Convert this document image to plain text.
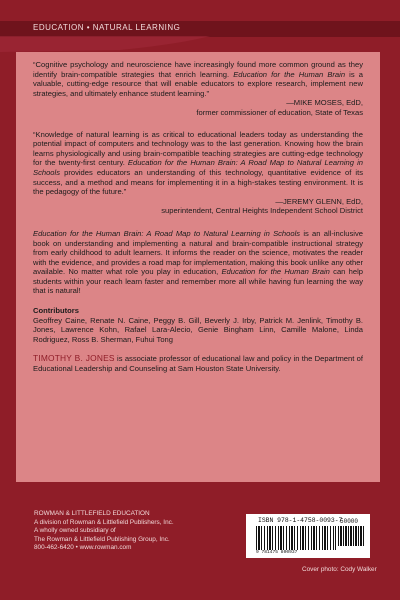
EDUCATION • NATURAL LEARNING
“Cognitive psychology and neuroscience have increasingly found more common ground as they identify brain-compatible strategies that enrich learning. Education for the Human Brain is a valuable, cutting-edge resource that will enable educators to explore research, implement new strategies, and ultimately enhance student learning.”

—MIKE MOSES, EdD,

former commissioner of education, State of Texas

“Knowledge of natural learning is as critical to educational leaders today as understanding the potential impact of computers and technology was to the last generation. Knowing how the brain learns physiologically and using brain-compatible teaching strategies are cutting-edge technology for the twenty-first century. Education for the Human Brain: A Road Map to Natural Learning in Schools provides educators an understanding of this technology, quantitative evidence of its success, and a method and means for implementing it in a high-stakes testing environment. It is the pedagogy of the future.”

—JEREMY GLENN, EdD,

superintendent, Central Heights Independent School District

Education for the Human Brain: A Road Map to Natural Learning in Schools is an all-inclusive book on understanding and implementing a natural and brain-compatible instructional strategy from early childhood to adult learners. It informs the reader on the science, motivates the reader with the evidence, and provides a road map for implementation, making this book unlike any other available. No matter what role you play in education, Education for the Human Brain can help students within your reach learn faster and remember more all while having fun learning the way that is natural!
Contributors
Geoffrey Caine, Renate N. Caine, Peggy B. Gill, Beverly J. Irby, Patrick M. Jenlink, Timothy B. Jones, Lawrence Kohn, Rafael Lara-Alecio, Genie Bingham Linn, Camille Malone, Linda Rodriguez, Ross B. Sherman, Fuhui Tong
TIMOTHY B. JONES is associate professor of educational law and policy in the Department of Educational Leadership and Counseling at Sam Houston State University.
ROWMAN & LITTLEFIELD EDUCATION
A division of Rowman & Littlefield Publishers, Inc.
A wholly owned subsidiary of
The Rowman & Littlefield Publishing Group, Inc.
800-462-6420 • www.rowman.com
ISBN 978-1-4758-0093-7
9 781475 800937
50000
Cover photo: Cody Walker
